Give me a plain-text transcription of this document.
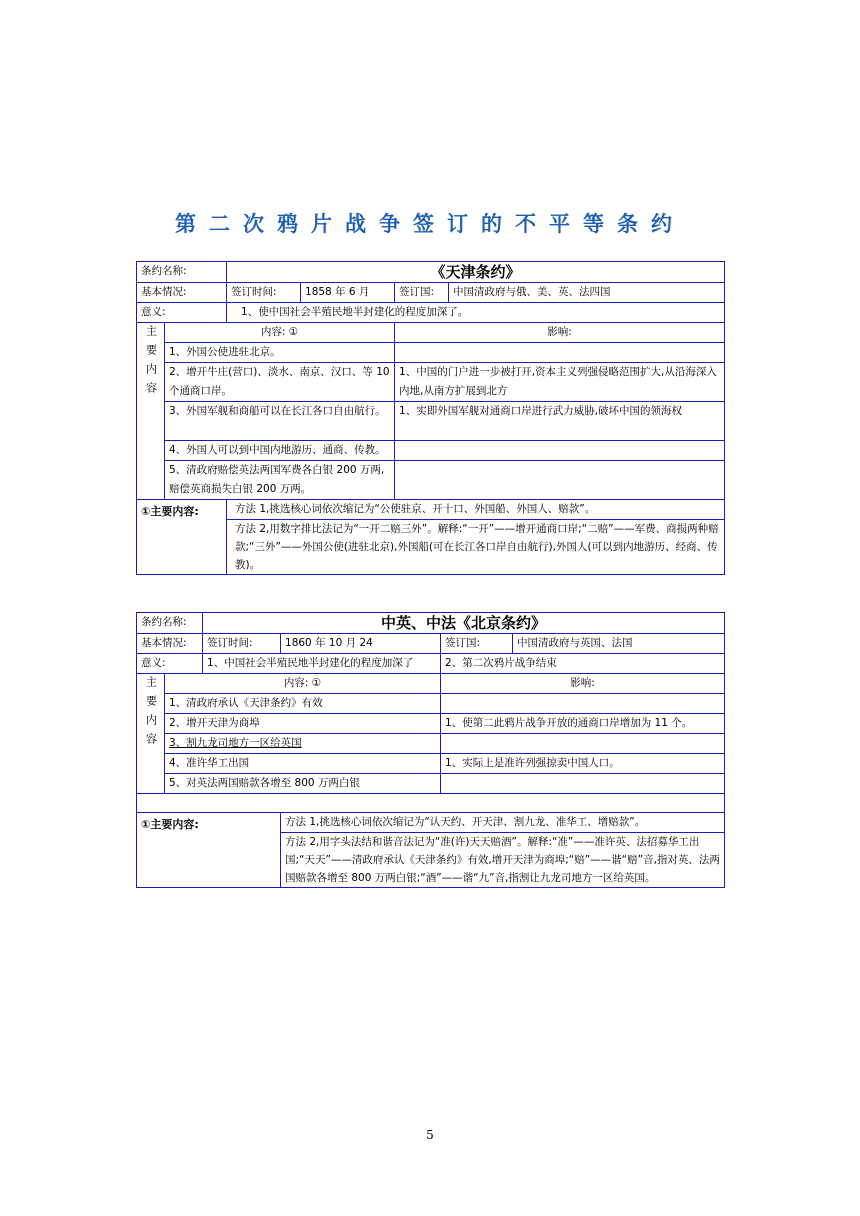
第二次鸦片战争签订的不平等条约
条约名称:		《天津条约》			
基本情况:		签订时间:	1858 年 6 月	签订国:	中国清政府与俄、美、英、法四国
意义:		1、使中国社会半殖民地半封建化的程度加深了。			
主要内容	内容: ①			影响:	
	1、外国公使进驻北京。				
	2、增开牛庄(营口)、淡水、南京、汉口、等 10 个通商口岸。			1、中国的门户进一步被打开,资本主义列强侵略范围扩大,从沿海深入内地,从南方扩展到北方	
	3、外国军舰和商船可以在长江各口自由航行。			1、实即外国军舰对通商口岸进行武力威胁,破坏中国的领海权	
	4、外国人可以到中国内地游历、通商、传教。				
	5、清政府赔偿英法两国军费各白银 200 万两,赔偿英商损失白银 200 万两。				
①主要内容:		方法 1,挑选核心词依次缩记为“公使驻京、开十口、外国船、外国人、赔款”。			
		方法 2,用数字排比法记为“一开二赔三外”。解释:“一开”——增开通商口岸;“二赔”——军费、商损两种赔款;“三外”——外国公使(进驻北京),外国船(可在长江各口岸自由航行),外国人(可以到内地游历、经商、传教)。			
条约名称:		中英、中法《北京条约》			
基本情况:		签订时间:	1860 年 10 月 24	签订国:	中国清政府与英国、法国
意义:		1、中国社会半殖民地半封建化的程度加深了		2、第二次鸦片战争结束	
主要内容	内容: ①			影响:	
	1、清政府承认《天津条约》有效				
	2、增开天津为商埠			1、使第二此鸦片战争开放的通商口岸增加为 11 个。	
	3、割九龙司地方一区给英国				
	4、准许华工出国			1、实际上是准许列强掠卖中国人口。	
	5、对英法两国赔款各增至 800 万两白银				

①主要内容:			方法 1,挑选核心词依次缩记为“认天约、开天津、割九龙、准华工、增赔款”。		
			方法 2,用字头法结和谐音法记为“准(许)天天赔酒”。解释:“准”——准许英、法招募华工出国;“天天”——清政府承认《天津条约》有效,增开天津为商埠;“赔”——谐“赔”音,指对英、法两国赔款各增至 800 万两白银;“酒”——谐“九”音,指割让九龙司地方一区给英国。		
5
